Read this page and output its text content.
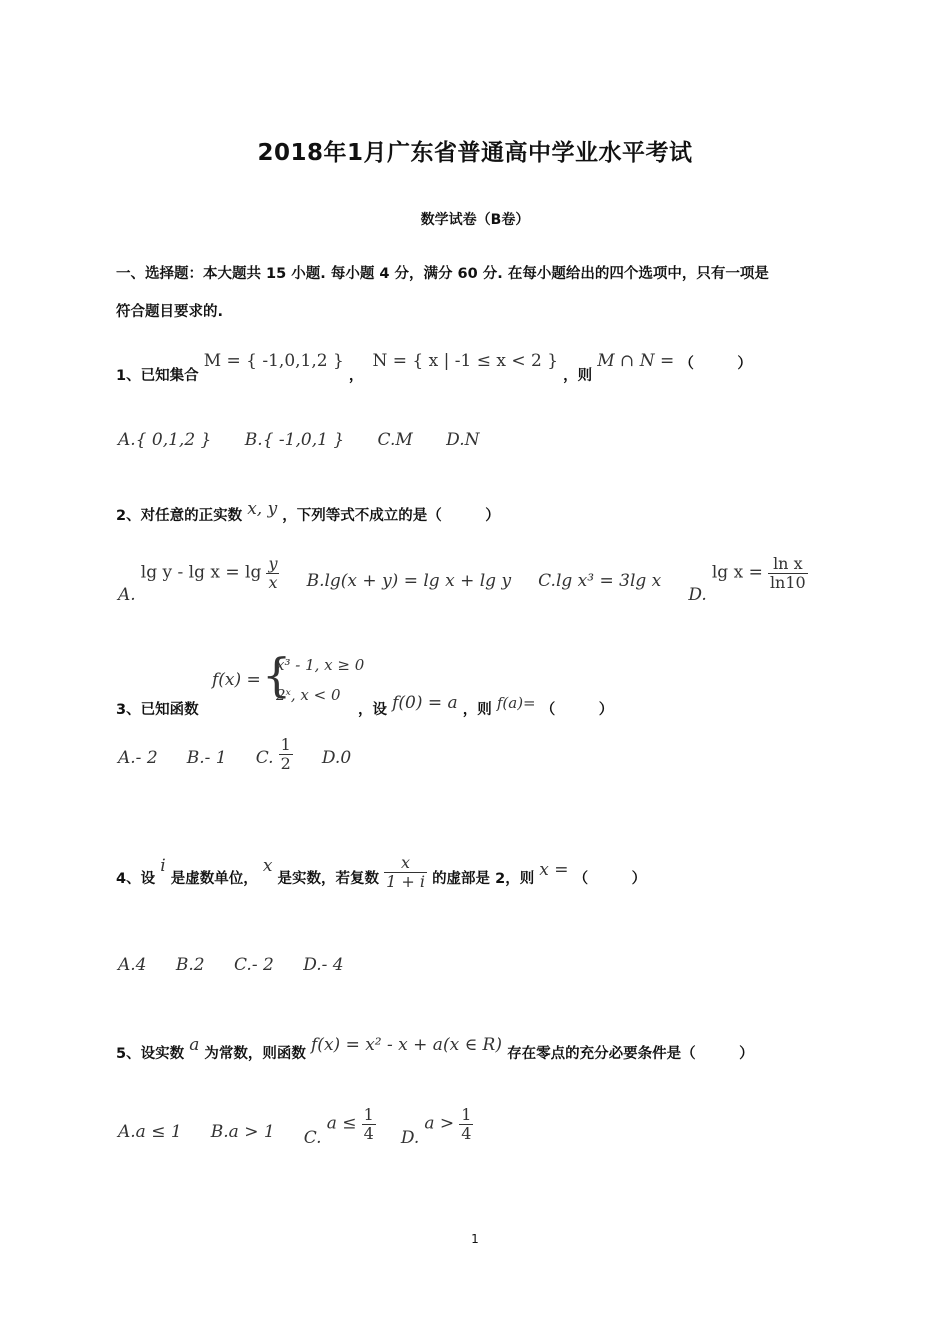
2018年1月广东省普通高中学业水平考试
数学试卷（B卷）
一、选择题：本大题共 15 小题. 每小题 4 分，满分 60 分. 在每小题给出的四个选项中，只有一项是
符合题目要求的.
1、已知集合 M = { -1,0,1,2 } ， N = { x | -1 ≤ x < 2 } ，则 M ∩ N = （　　　）
A.{ 0,1,2 } B.{ -1,0,1 } C.M D.N
2、对任意的正实数 x, y ，下列等式不成立的是（　　　）
A. $\lg y - \lg x = \lg \frac{y}{x} B.\lg(x + y) = \lg x + \lg y$ C.lg x³ = 3lg x D. $\lg x = \frac{\text{ln x}}{\ln 10}$
3、已知函数
f(x) = {
x³ - 1, x ≥ 0
2ˣ, x < 0
，设 f(0) = a ，则 f(a)= （　　　）
A.- 2 B.- 1 C. $\frac{1}{2} D.0$
4、设 i 是虚数单位， x 是实数，若复数 $\frac{x}{1 + i}$ 的虚部是 2，则 x = （　　　）
A.4 B.2 C.- 2 D.- 4
5、设实数 a 为常数，则函数 f(x) = x² - x + a(x ∈ R) 存在零点的充分必要条件是（　　　）
A.a ≤ 1 B.a > 1 C. $a \le \frac{1}{4} D$. $a > \frac{1}{4}$
1
